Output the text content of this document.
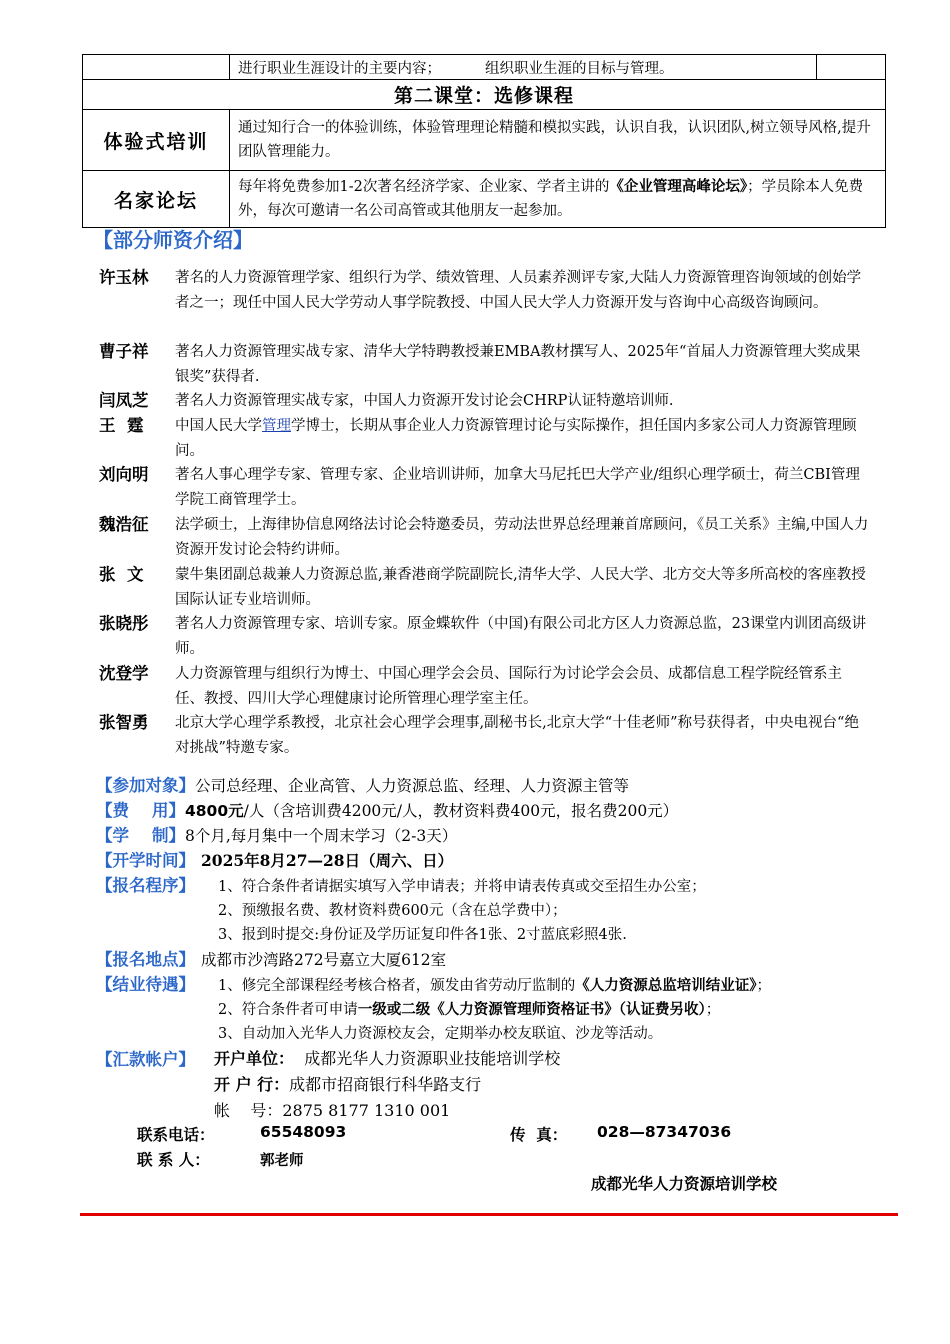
	进行职业生涯设计的主要内容； 组织职业生涯的目标与管理。	
第二课堂：选修课程		
体验式培训	通过知行合一的体验训练，体验管理理论精髓和模拟实践，认识自我，认识团队,树立领导风格,提升团队管理能力。	
名家论坛	每年将免费参加1-2次著名经济学家、企业家、学者主讲的《企业管理高峰论坛》；学员除本人免费外，每次可邀请一名公司高管或其他朋友一起参加。	
【部分师资介绍】
许玉林	著名的人力资源管理学家、组织行为学、绩效管理、人员素养测评专家,大陆人力资源管理咨询领域的创始学者之一；现任中国人民大学劳动人事学院教授、中国人民大学人力资源开发与咨询中心高级咨询顾问。
曹子祥	著名人力资源管理实战专家、清华大学特聘教授兼EMBA教材撰写人、2025年“首届人力资源管理大奖成果银奖”获得者.
闫凤芝	著名人力资源管理实战专家，中国人力资源开发讨论会CHRP认证特邀培训师.
王  霆	中国人民大学管理学博士，长期从事企业人力资源管理讨论与实际操作，担任国内多家公司人力资源管理顾问。
刘向明	著名人事心理学专家、管理专家、企业培训讲师，加拿大马尼托巴大学产业/组织心理学硕士，荷兰CBI管理学院工商管理学士。
魏浩征	法学硕士，上海律协信息网络法讨论会特邀委员，劳动法世界总经理兼首席顾问，《员工关系》主编,中国人力资源开发讨论会特约讲师。
张  文	蒙牛集团副总裁兼人力资源总监,兼香港商学院副院长,清华大学、人民大学、北方交大等多所高校的客座教授国际认证专业培训师。
张晓彤	著名人力资源管理专家、培训专家。原金蝶软件（中国)有限公司北方区人力资源总监，23课堂内训团高级讲师。
沈登学	人力资源管理与组织行为博士、中国心理学会会员、国际行为讨论学会会员、成都信息工程学院经管系主任、教授、四川大学心理健康讨论所管理心理学室主任。
张智勇	北京大学心理学系教授，北京社会心理学会理事,副秘书长,北京大学“十佳老师”称号获得者，中央电视台“绝对挑战”特邀专家。
【参加对象】公司总经理、企业高管、人力资源总监、经理、人力资源主管等
【费    用】4800元/人（含培训费4200元/人，教材资料费400元，报名费200元）
【学    制】8个月,每月集中一个周末学习（2-3天）
【开学时间】 2025年8月27—28日（周六、日）
【报名程序】	1、符合条件者请据实填写入学申请表；并将申请表传真或交至招生办公室；
2、预缴报名费、教材资料费600元（含在总学费中）；
3、报到时提交:身份证及学历证复印件各1张、2寸蓝底彩照4张.
【报名地点】 成都市沙湾路272号嘉立大厦612室
【结业待遇】	1、修完全部课程经考核合格者，颁发由省劳动厅监制的《人力资源总监培训结业证》；
2、符合条件者可申请一级或二级《人力资源管理师资格证书》（认证费另收）；
3、自动加入光华人力资源校友会，定期举办校友联谊、沙龙等活动。
【汇款帐户】	开户单位： 成都光华人力资源职业技能培训学校
开 户 行：成都市招商银行科华路支行
帐    号：2875 8177 1310 001
联系电话：	65548093	传  真： 028—87347036
联 系 人：	郭老师
成都光华人力资源培训学校
